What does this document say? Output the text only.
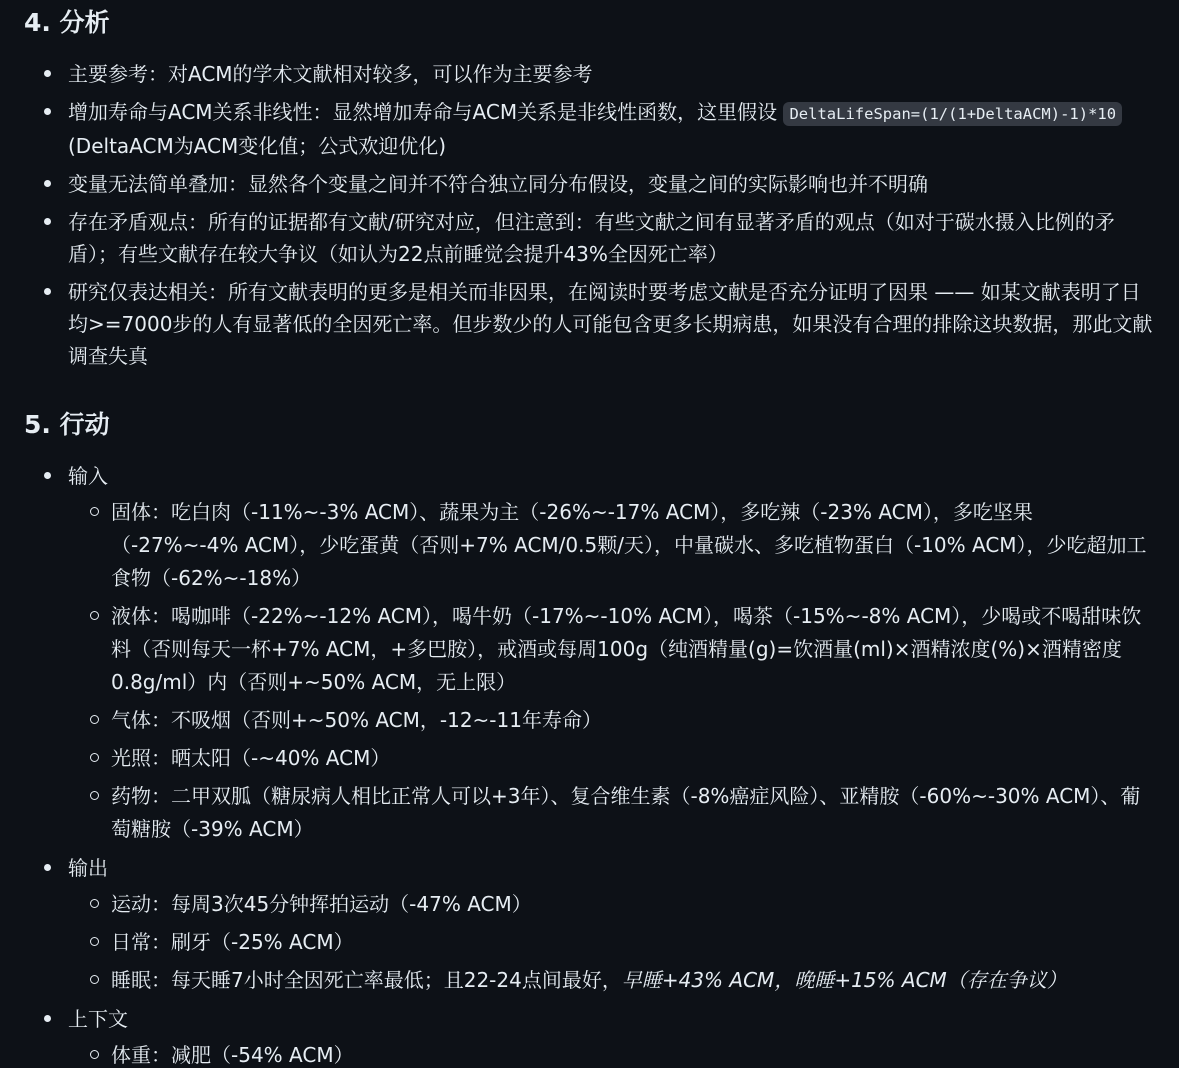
4. 分析
主要参考：对ACM的学术文献相对较多，可以作为主要参考
增加寿命与ACM关系非线性：显然增加寿命与ACM关系是非线性函数，这里假设 DeltaLifeSpan=(1/(1+DeltaACM)-1)*10 (DeltaACM为ACM变化值；公式欢迎优化)
变量无法简单叠加：显然各个变量之间并不符合独立同分布假设，变量之间的实际影响也并不明确
存在矛盾观点：所有的证据都有文献/研究对应，但注意到：有些文献之间有显著矛盾的观点（如对于碳水摄入比例的矛盾）；有些文献存在较大争议（如认为22点前睡觉会提升43%全因死亡率）
研究仅表达相关：所有文献表明的更多是相关而非因果，在阅读时要考虑文献是否充分证明了因果 —— 如某文献表明了日均>=7000步的人有显著低的全因死亡率。但步数少的人可能包含更多长期病患，如果没有合理的排除这块数据，那此文献调查失真
5. 行动
输入
固体：吃白肉（-11%~-3% ACM）、蔬果为主（-26%~-17% ACM），多吃辣（-23% ACM），多吃坚果（-27%~-4% ACM），少吃蛋黄（否则+7% ACM/0.5颗/天），中量碳水、多吃植物蛋白（-10% ACM），少吃超加工食物（-62%~-18%）
液体：喝咖啡（-22%~-12% ACM），喝牛奶（-17%~-10% ACM），喝茶（-15%~-8% ACM），少喝或不喝甜味饮料（否则每天一杯+7% ACM，+多巴胺），戒酒或每周100g（纯酒精量(g)=饮酒量(ml)×酒精浓度(%)×酒精密度0.8g/ml）内（否则+~50% ACM，无上限）
气体：不吸烟（否则+~50% ACM，-12~-11年寿命）
光照：晒太阳（-~40% ACM）
药物：二甲双胍（糖尿病人相比正常人可以+3年）、复合维生素（-8%癌症风险）、亚精胺（-60%~-30% ACM）、葡萄糖胺（-39% ACM）
输出
运动：每周3次45分钟挥拍运动（-47% ACM）
日常：刷牙（-25% ACM）
睡眠：每天睡7小时全因死亡率最低；且22-24点间最好，早睡+43% ACM，晚睡+15% ACM（存在争议）
上下文
体重：减肥（-54% ACM）
